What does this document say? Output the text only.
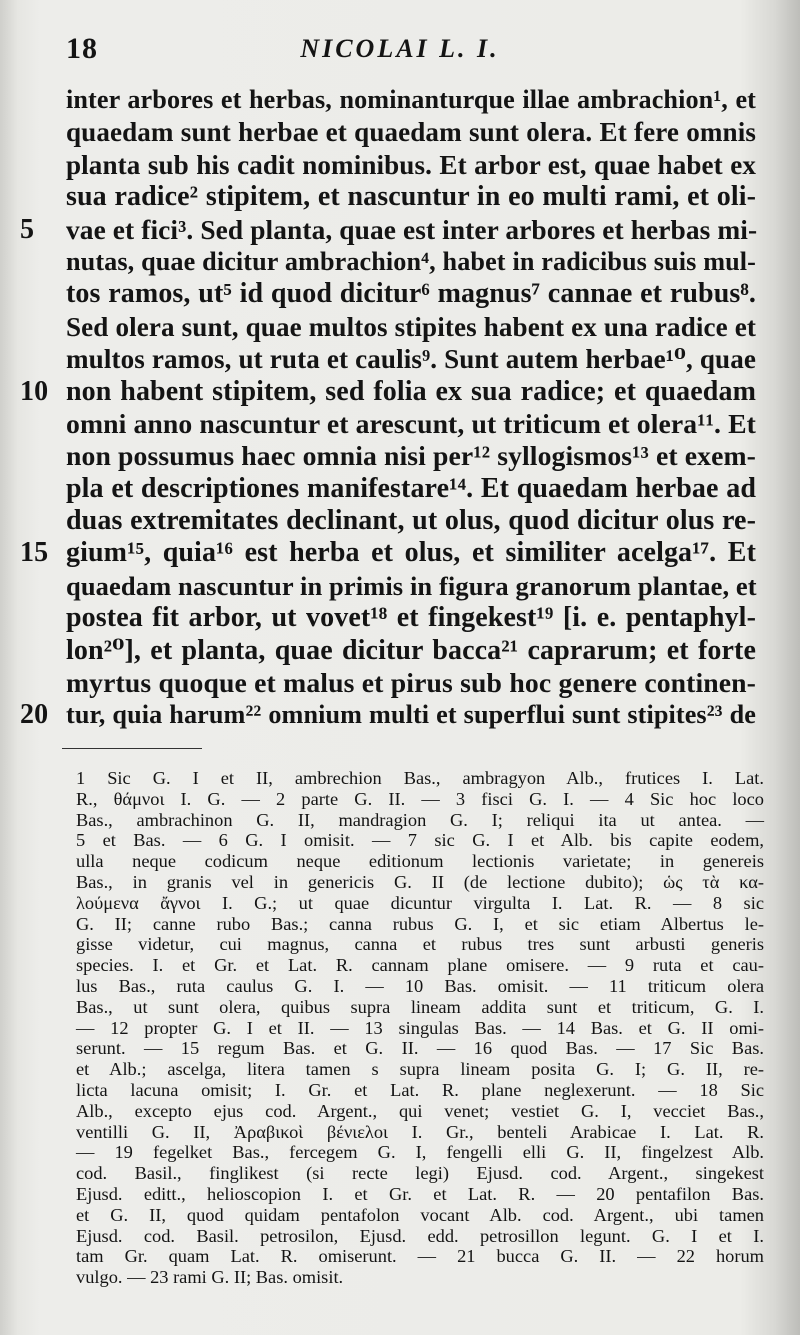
18	NICOLAI L. I.
inter arbores et herbas, nominanturque illae ambrachion¹, et
quaedam sunt herbae et quaedam sunt olera. Et fere omnis
planta sub his cadit nominibus. Et arbor est, quae habet ex
sua radice² stipitem, et nascuntur in eo multi rami, et oli-
5	vae et fici³. Sed planta, quae est inter arbores et herbas mi-
nutas, quae dicitur ambrachion⁴, habet in radicibus suis mul-
tos ramos, ut⁵ id quod dicitur⁶ magnus⁷ cannae et rubus⁸.
Sed olera sunt, quae multos stipites habent ex una radice et
multos ramos, ut ruta et caulis⁹. Sunt autem herbae¹⁰, quae
10 non habent stipitem, sed folia ex sua radice; et quaedam
omni anno nascuntur et arescunt, ut triticum et olera¹¹. Et
non possumus haec omnia nisi per¹² syllogismos¹³ et exem-
pla et descriptiones manifestare¹⁴. Et quaedam herbae ad
duas extremitates declinant, ut olus, quod dicitur olus re-
15 gium¹⁵, quia¹⁶ est herba et olus, et similiter acelga¹⁷. Et
quaedam nascuntur in primis in figura granorum plantae, et
postea fit arbor, ut vovet¹⁸ et fingekest¹⁹ [i. e. pentaphyl-
lon²⁰], et planta, quae dicitur bacca²¹ caprarum; et forte
myrtus quoque et malus et pirus sub hoc genere continen-
20 tur, quia harum²² omnium multi et superflui sunt stipites²³ de
1 Sic G. I et II, ambrechion Bas., ambragyon Alb., frutices I. Lat.
R., θάμνοι I. G. — 2 parte G. II. — 3 fisci G. I. — 4 Sic hoc loco
Bas., ambrachinon G. II, mandragion G. I; reliqui ita ut antea. —
5 et Bas. — 6 G. I omisit. — 7 sic G. I et Alb. bis capite eodem,
ulla neque codicum neque editionum lectionis varietate; in genereis
Bas., in granis vel in genericis G. II (de lectione dubito); ὡς τὰ κα-
λούμενα ἄγνοι I. G.; ut quae dicuntur virgulta I. Lat. R. — 8 sic
G. II; canne rubo Bas.; canna rubus G. I, et sic etiam Albertus le-
gisse videtur, cui magnus, canna et rubus tres sunt arbusti generis
species. I. et Gr. et Lat. R. cannam plane omisere. — 9 ruta et cau-
lus Bas., ruta caulus G. I. — 10 Bas. omisit. — 11 triticum olera
Bas., ut sunt olera, quibus supra lineam addita sunt et triticum, G. I.
— 12 propter G. I et II. — 13 singulas Bas. — 14 Bas. et G. II omi-
serunt. — 15 regum Bas. et G. II. — 16 quod Bas. — 17 Sic Bas.
et Alb.; ascelga, litera tamen s supra lineam posita G. I; G. II, re-
licta lacuna omisit; I. Gr. et Lat. R. plane neglexerunt. — 18 Sic
Alb., excepto ejus cod. Argent., qui venet; vestiet G. I, vecciet Bas.,
ventilli G. II, Ἀραβικοὶ βένιελοι I. Gr., benteli Arabicae I. Lat. R.
— 19 fegelket Bas., fercegem G. I, fengelli elli G. II, fingelzest Alb.
cod. Basil., finglikest (si recte legi) Ejusd. cod. Argent., singekest
Ejusd. editt., helioscopion I. et Gr. et Lat. R. — 20 pentafilon Bas.
et G. II, quod quidam pentafolon vocant Alb. cod. Argent., ubi tamen
Ejusd. cod. Basil. petrosilon, Ejusd. edd. petrosillon legunt. G. I et I.
tam Gr. quam Lat. R. omiserunt. — 21 bucca G. II. — 22 horum
vulgo. — 23 rami G. II; Bas. omisit.
